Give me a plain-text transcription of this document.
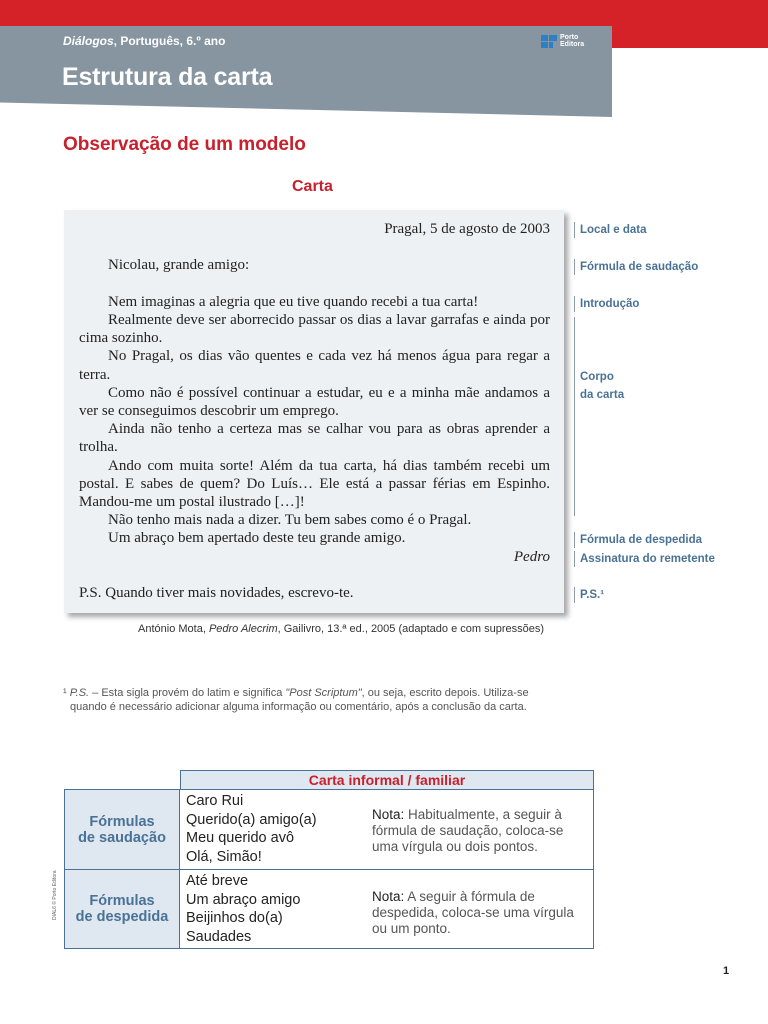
Diálogos, Português, 6.º ano	Porto
Editora
Estrutura da carta
Observação de um modelo
Carta

Pragal, 5 de agosto de 2003

Nicolau, grande amigo:

Nem imaginas a alegria que eu tive quando recebi a tua carta!

Realmente deve ser aborrecido passar os dias a lavar garrafas e ainda por cima sozinho.

No Pragal, os dias vão quentes e cada vez há menos água para regar a terra.

Como não é possível continuar a estudar, eu e a minha mãe andamos a ver se conseguimos descobrir um emprego.

Ainda não tenho a certeza mas se calhar vou para as obras aprender a trolha.

Ando com muita sorte! Além da tua carta, há dias também recebi um postal. E sabes de quem? Do Luís… Ele está a passar férias em Espinho. Mandou-me um postal ilustrado […]!

Não tenho mais nada a dizer. Tu bem sabes como é o Pragal.

Um abraço bem apertado deste teu grande amigo.

Pedro

P.S. Quando tiver mais novidades, escrevo-te.

Local e data
Fórmula de saudação
Introdução
Corpo
da carta
Fórmula de despedida
Assinatura do remetente
P.S.¹
António Mota, Pedro Alecrim, Gailivro, 13.ª ed., 2005 (adaptado e com supressões)
¹ P.S. – Esta sigla provém do latim e significa "Post Scriptum", ou seja, escrito depois. Utiliza-se
quando é necessário adicionar alguma informação ou comentário, após a conclusão da carta.
DIAL6 © Porto Editora
Carta informal / familiar
Fórmulas
de saudação
Caro Rui
Querido(a) amigo(a)
Meu querido avô
Olá, Simão!
Nota: Habitualmente, a seguir à fórmula de saudação, coloca-se uma vírgula ou dois pontos.
Fórmulas
de despedida
Até breve
Um abraço amigo
Beijinhos do(a)
Saudades
Nota: A seguir à fórmula de despedida, coloca-se uma vírgula ou um ponto.
1
